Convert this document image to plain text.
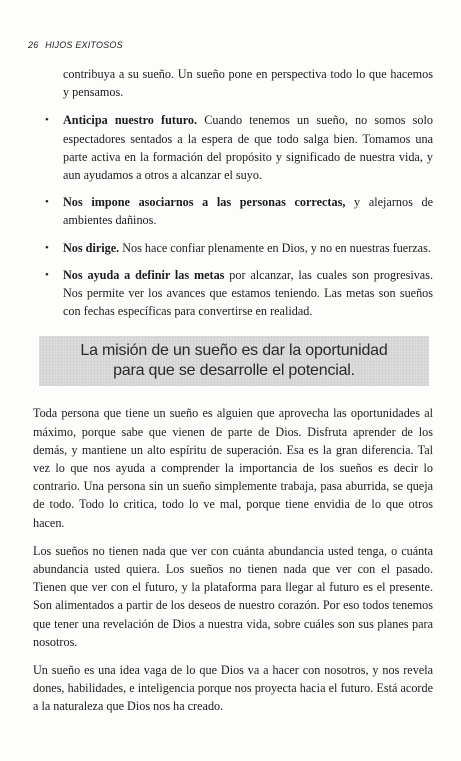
26 HIJOS EXITOSOS

contribuya a su sueño. Un sueño pone en perspectiva todo lo que hacemos y pensamos.

• Anticipa nuestro futuro. Cuando tenemos un sueño, no somos solo espectadores sentados a la espera de que todo salga bien. Tomamos una parte activa en la formación del propósito y significado de nuestra vida, y aun ayudamos a otros a alcanzar el suyo.
• Nos impone asociarnos a las personas correctas, y alejarnos de ambientes dañinos.
• Nos dirige. Nos hace confiar plenamente en Dios, y no en nuestras fuerzas.
• Nos ayuda a definir las metas por alcanzar, las cuales son progresivas. Nos permite ver los avances que estamos teniendo. Las metas son sueños con fechas específicas para convertirse en realidad.
La misión de un sueño es dar la oportunidad
para que se desarrolle el potencial.

Toda persona que tiene un sueño es alguien que aprovecha las oportunidades al máximo, porque sabe que vienen de parte de Dios. Disfruta aprender de los demás, y mantiene un alto espíritu de superación. Esa es la gran diferencia. Tal vez lo que nos ayuda a comprender la importancia de los sueños es decir lo contrario. Una persona sin un sueño simplemente trabaja, pasa aburrida, se queja de todo. Todo lo critica, todo lo ve mal, porque tiene envidia de lo que otros hacen.

Los sueños no tienen nada que ver con cuánta abundancia usted tenga, o cuánta abundancia usted quiera. Los sueños no tienen nada que ver con el pasado. Tienen que ver con el futuro, y la plataforma para llegar al futuro es el presente. Son alimentados a partir de los deseos de nuestro corazón. Por eso todos tenemos que tener una revelación de Dios a nuestra vida, sobre cuáles son sus planes para nosotros.

Un sueño es una idea vaga de lo que Dios va a hacer con nosotros, y nos revela dones, habilidades, e inteligencia porque nos proyecta hacia el futuro. Está acorde a la naturaleza que Dios nos ha creado.
